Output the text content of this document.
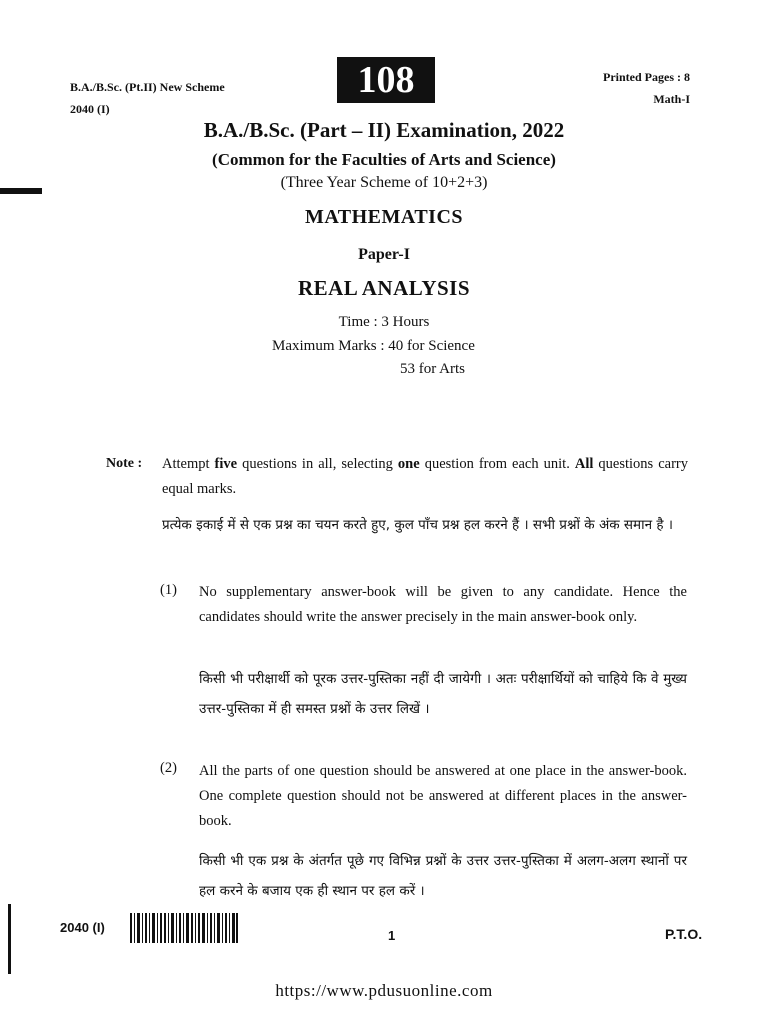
B.A./B.Sc. (Pt.II) New Scheme
2040 (I)
108	Printed Pages : 8
Math-I
B.A./B.Sc. (Part – II) Examination, 2022
(Common for the Faculties of Arts and Science)
(Three Year Scheme of 10+2+3)
MATHEMATICS
Paper-I
REAL ANALYSIS
Time : 3 Hours
Maximum Marks : 40 for Science
53 for Arts
Note : Attempt five questions in all, selecting one question from each unit. All questions carry equal marks.
प्रत्येक इकाई में से एक प्रश्न का चयन करते हुए, कुल पाँच प्रश्न हल करने हैं । सभी प्रश्नों के अंक समान है ।
(1) No supplementary answer-book will be given to any candidate. Hence the candidates should write the answer precisely in the main answer-book only.
किसी भी परीक्षार्थी को पूरक उत्तर-पुस्तिका नहीं दी जायेगी । अतः परीक्षार्थियों को चाहिये कि वे मुख्य उत्तर-पुस्तिका में ही समस्त प्रश्नों के उत्तर लिखें ।
(2) All the parts of one question should be answered at one place in the answer-book. One complete question should not be answered at different places in the answer-book.
किसी भी एक प्रश्न के अंतर्गत पूछे गए विभिन्न प्रश्नों के उत्तर उत्तर-पुस्तिका में अलग-अलग स्थानों पर हल करने के बजाय एक ही स्थान पर हल करें ।
2040 (I)
1	P.T.O.
https://www.pdusuonline.com
